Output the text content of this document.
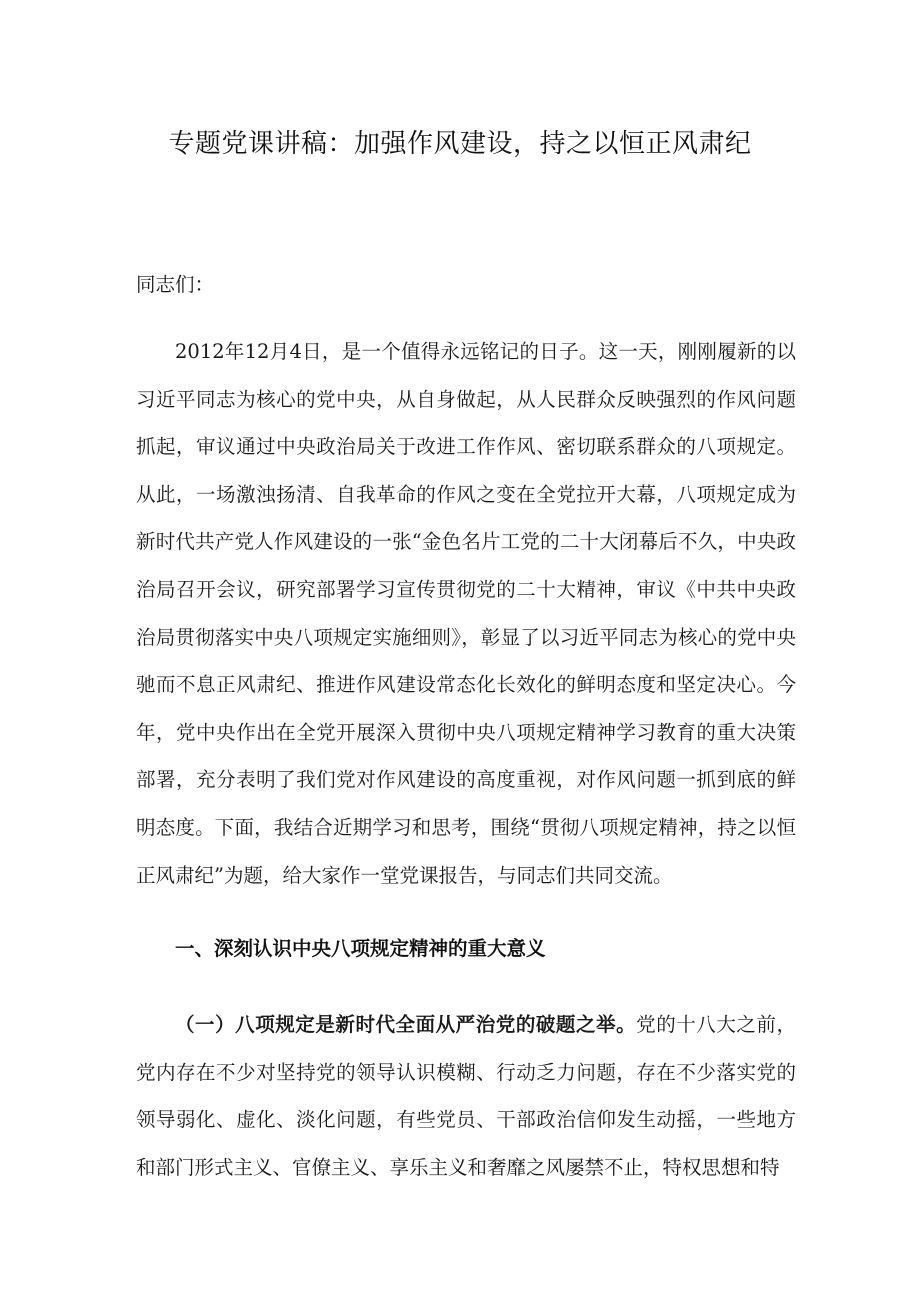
专题党课讲稿：加强作风建设，持之以恒正风肃纪

同志们：

2012年12月4日，是一个值得永远铭记的日子。这一天，刚刚履新的以习近平同志为核心的党中央，从自身做起，从人民群众反映强烈的作风问题抓起，审议通过中央政治局关于改进工作作风、密切联系群众的八项规定。从此，一场激浊扬清、自我革命的作风之变在全党拉开大幕，八项规定成为新时代共产党人作风建设的一张“金色名片工党的二十大闭幕后不久，中央政治局召开会议，研究部署学习宣传贯彻党的二十大精神，审议《中共中央政治局贯彻落实中央八项规定实施细则》，彰显了以习近平同志为核心的党中央驰而不息正风肃纪、推进作风建设常态化长效化的鲜明态度和坚定决心。今年，党中央作出在全党开展深入贯彻中央八项规定精神学习教育的重大决策部署，充分表明了我们党对作风建设的高度重视，对作风问题一抓到底的鲜明态度。下面，我结合近期学习和思考，围绕“贯彻八项规定精神，持之以恒正风肃纪”为题，给大家作一堂党课报告，与同志们共同交流。

一、深刻认识中央八项规定精神的重大意义

（一）八项规定是新时代全面从严治党的破题之举。党的十八大之前，党内存在不少对坚持党的领导认识模糊、行动乏力问题，存在不少落实党的领导弱化、虚化、淡化问题，有些党员、干部政治信仰发生动摇，一些地方和部门形式主义、官僚主义、享乐主义和奢靡之风屡禁不止，特权思想和特
